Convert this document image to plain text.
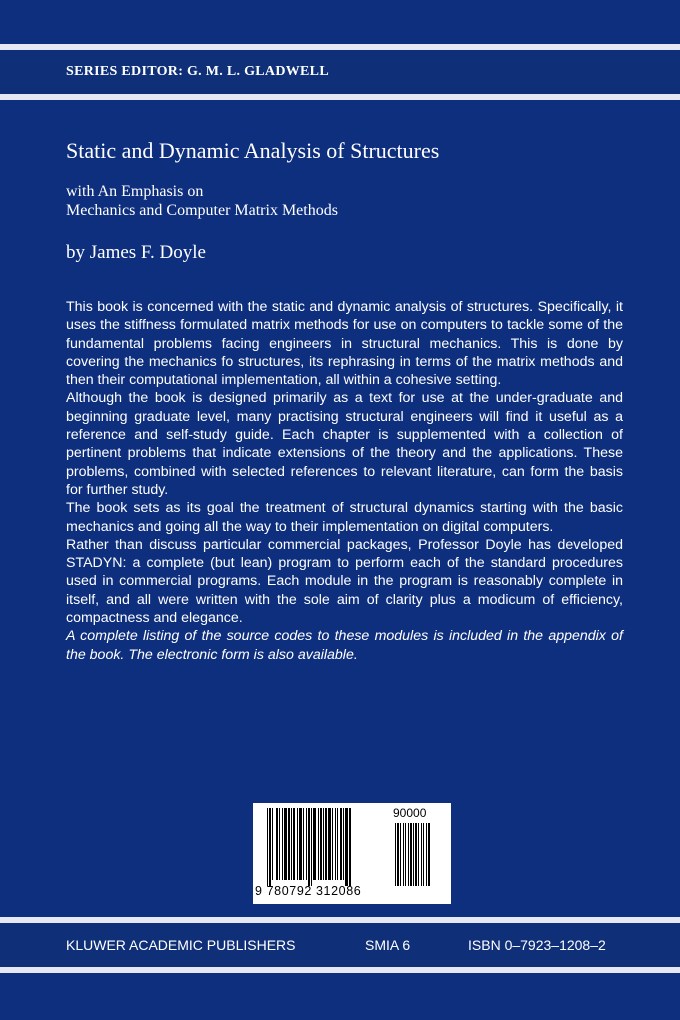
SERIES EDITOR: G. M. L. GLADWELL
Static and Dynamic Analysis of Structures
with An Emphasis on
Mechanics and Computer Matrix Methods
by James F. Doyle

This book is concerned with the static and dynamic analysis of structures. Specifically, it uses the stiffness formulated matrix methods for use on computers to tackle some of the fundamental problems facing engineers in structural mechanics. This is done by covering the mechanics fo structures, its rephrasing in terms of the matrix methods and then their computational implementation, all within a cohesive setting.

Although the book is designed primarily as a text for use at the under-graduate and beginning graduate level, many practising structural engineers will find it useful as a reference and self-study guide. Each chapter is supplemented with a collection of pertinent problems that indicate extensions of the theory and the applications. These problems, combined with selected references to relevant literature, can form the basis for further study.

The book sets as its goal the treatment of structural dynamics starting with the basic mechanics and going all the way to their implementation on digital computers.

Rather than discuss particular commercial packages, Professor Doyle has developed STADYN: a complete (but lean) program to perform each of the standard procedures used in commercial programs. Each module in the program is reasonably complete in itself, and all were written with the sole aim of clarity plus a modicum of efficiency, compactness and elegance.

A complete listing of the source codes to these modules is included in the appendix of the book. The electronic form is also available.

90000
9 780792 312086
KLUWER ACADEMIC PUBLISHERS	SMIA 6	ISBN 0–7923–1208–2
